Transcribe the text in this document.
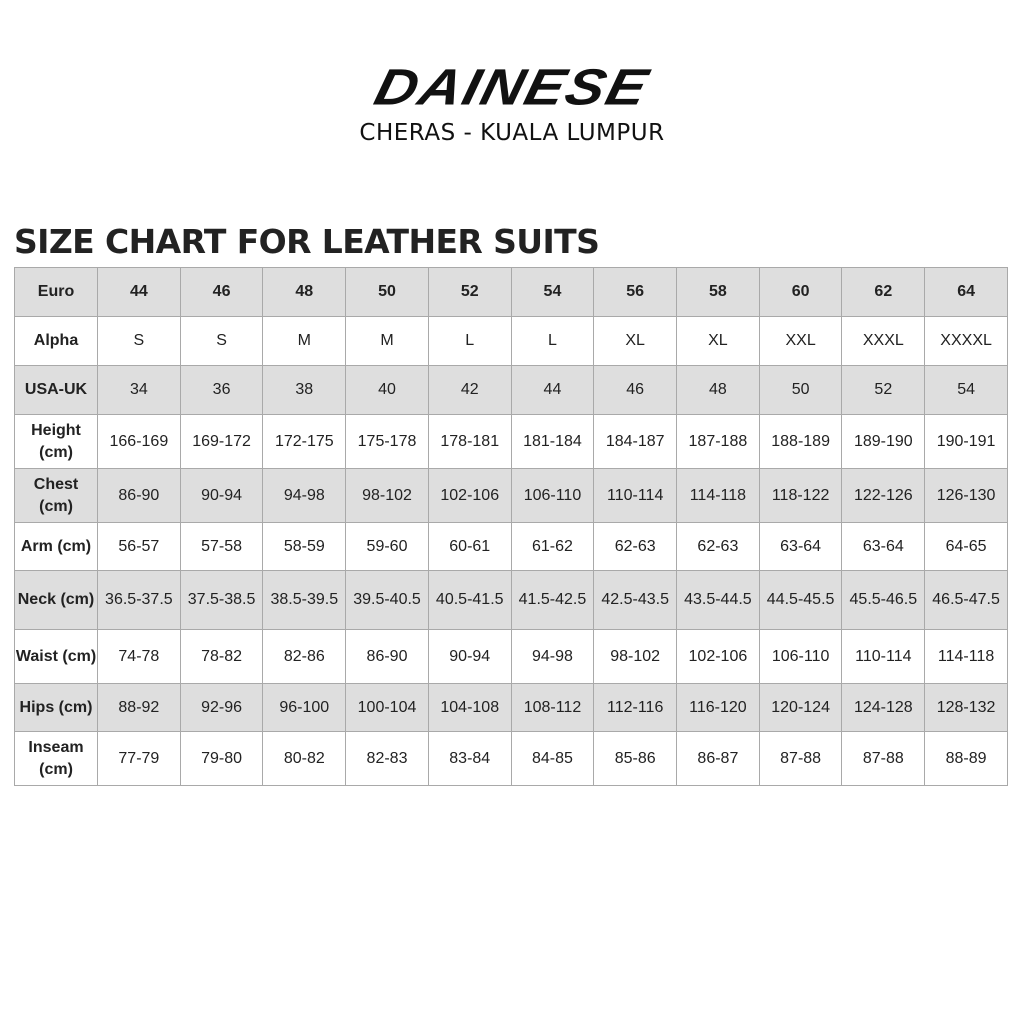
DAINESE
CHERAS - KUALA LUMPUR
SIZE CHART FOR LEATHER SUITS
Euro	44	46	48	50	52	54	56	58	60	62	64
Alpha	S	S	M	M	L	L	XL	XL	XXL	XXXL	XXXXL
USA-UK	34	36	38	40	42	44	46	48	50	52	54
Height (cm)	166-169	169-172	172-175	175-178	178-181	181-184	184-187	187-188	188-189	189-190	190-191
Chest (cm)	86-90	90-94	94-98	98-102	102-106	106-110	110-114	114-118	118-122	122-126	126-130
Arm (cm)	56-57	57-58	58-59	59-60	60-61	61-62	62-63	62-63	63-64	63-64	64-65
Neck (cm)	36.5-37.5	37.5-38.5	38.5-39.5	39.5-40.5	40.5-41.5	41.5-42.5	42.5-43.5	43.5-44.5	44.5-45.5	45.5-46.5	46.5-47.5
Waist (cm)	74-78	78-82	82-86	86-90	90-94	94-98	98-102	102-106	106-110	110-114	114-118
Hips (cm)	88-92	92-96	96-100	100-104	104-108	108-112	112-116	116-120	120-124	124-128	128-132
Inseam (cm)	77-79	79-80	80-82	82-83	83-84	84-85	85-86	86-87	87-88	87-88	88-89
